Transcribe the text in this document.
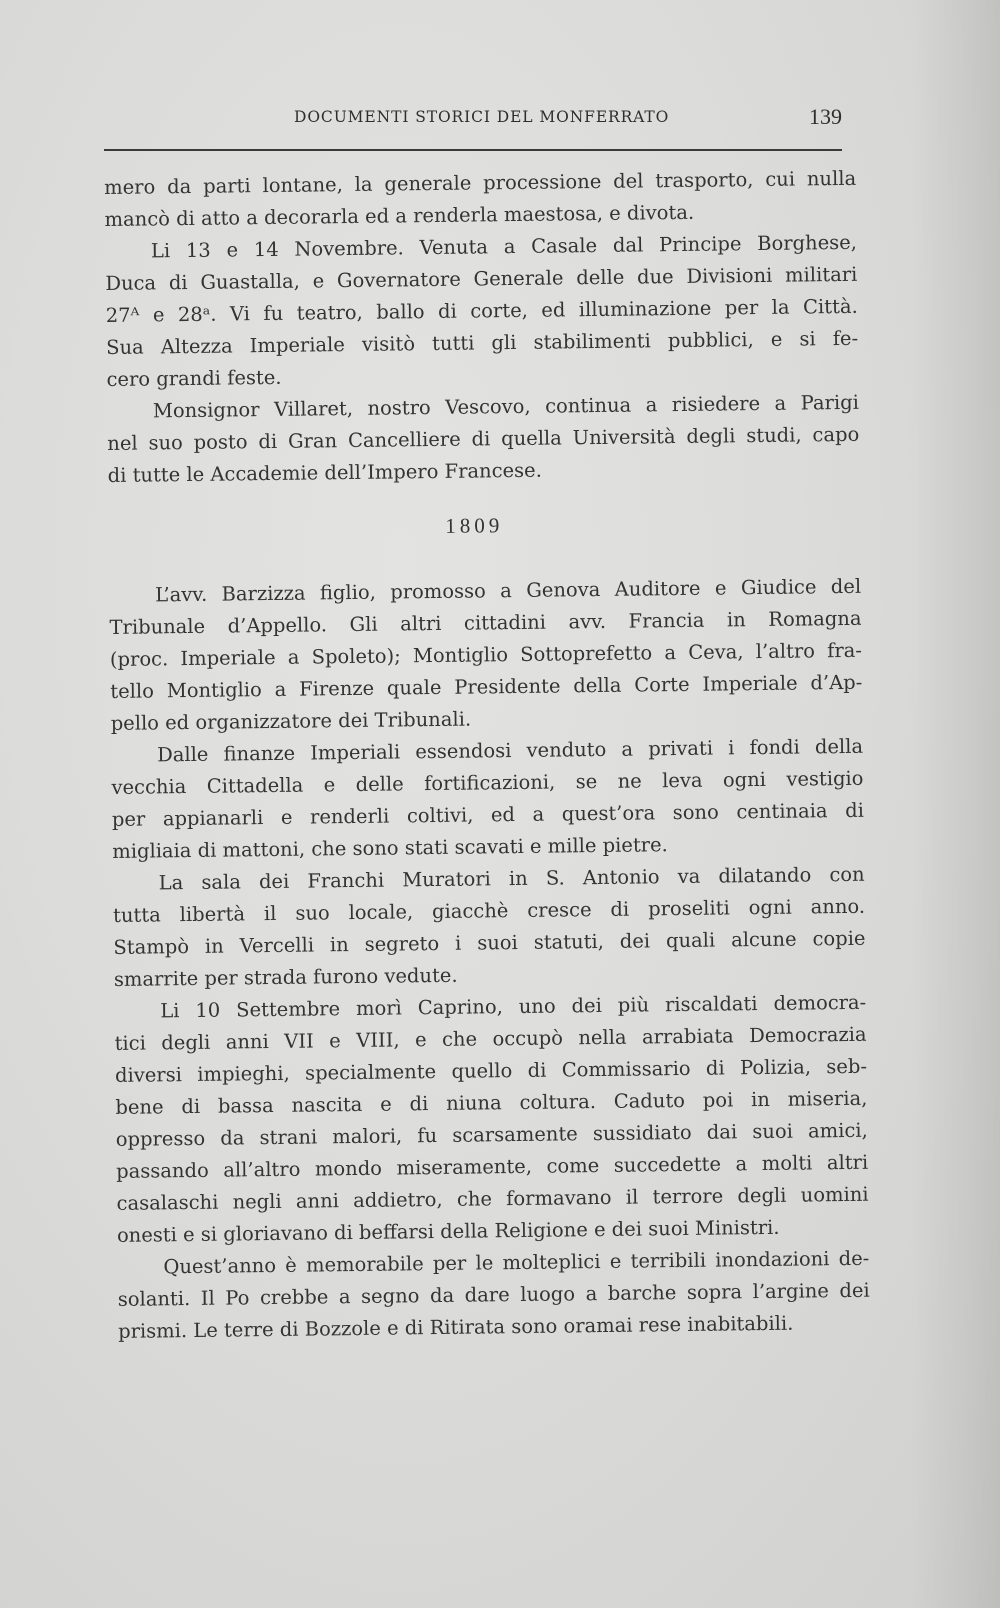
DOCUMENTI STORICI DEL MONFERRATO	139
mero da parti lontane, la generale processione del trasporto, cui nulla
mancò di atto a decorarla ed a renderla maestosa, e divota.
Li 13 e 14 Novembre. Venuta a Casale dal Principe Borghese,
Duca di Guastalla, e Governatore Generale delle due Divisioni militari
27ᴬ e 28ᵃ. Vi fu teatro, ballo di corte, ed illuminazione per la Città.
Sua Altezza Imperiale visitò tutti gli stabilimenti pubblici, e si fe-
cero grandi feste.
Monsignor Villaret, nostro Vescovo, continua a risiedere a Parigi
nel suo posto di Gran Cancelliere di quella Università degli studi, capo
di tutte le Accademie dell’Impero Francese.
1809
L’avv. Barzizza figlio, promosso a Genova Auditore e Giudice del
Tribunale d’Appello. Gli altri cittadini avv. Francia in Romagna
(proc. Imperiale a Spoleto); Montiglio Sottoprefetto a Ceva, l’altro fra-
tello Montiglio a Firenze quale Presidente della Corte Imperiale d’Ap-
pello ed organizzatore dei Tribunali.
Dalle finanze Imperiali essendosi venduto a privati i fondi della
vecchia Cittadella e delle fortificazioni, se ne leva ogni vestigio
per appianarli e renderli coltivi, ed a quest’ora sono centinaia di
migliaia di mattoni, che sono stati scavati e mille pietre.
La sala dei Franchi Muratori in S. Antonio va dilatando con
tutta libertà il suo locale, giacchè cresce di proseliti ogni anno.
Stampò in Vercelli in segreto i suoi statuti, dei quali alcune copie
smarrite per strada furono vedute.
Li 10 Settembre morì Caprino, uno dei più riscaldati democra-
tici degli anni VII e VIII, e che occupò nella arrabiata Democrazia
diversi impieghi, specialmente quello di Commissario di Polizia, seb-
bene di bassa nascita e di niuna coltura. Caduto poi in miseria,
oppresso da strani malori, fu scarsamente sussidiato dai suoi amici,
passando all’altro mondo miseramente, come succedette a molti altri
casalaschi negli anni addietro, che formavano il terrore degli uomini
onesti e si gloriavano di beffarsi della Religione e dei suoi Ministri.
Quest’anno è memorabile per le molteplici e terribili inondazioni de-
solanti. Il Po crebbe a segno da dare luogo a barche sopra l’argine dei
prismi. Le terre di Bozzole e di Ritirata sono oramai rese inabitabili.
